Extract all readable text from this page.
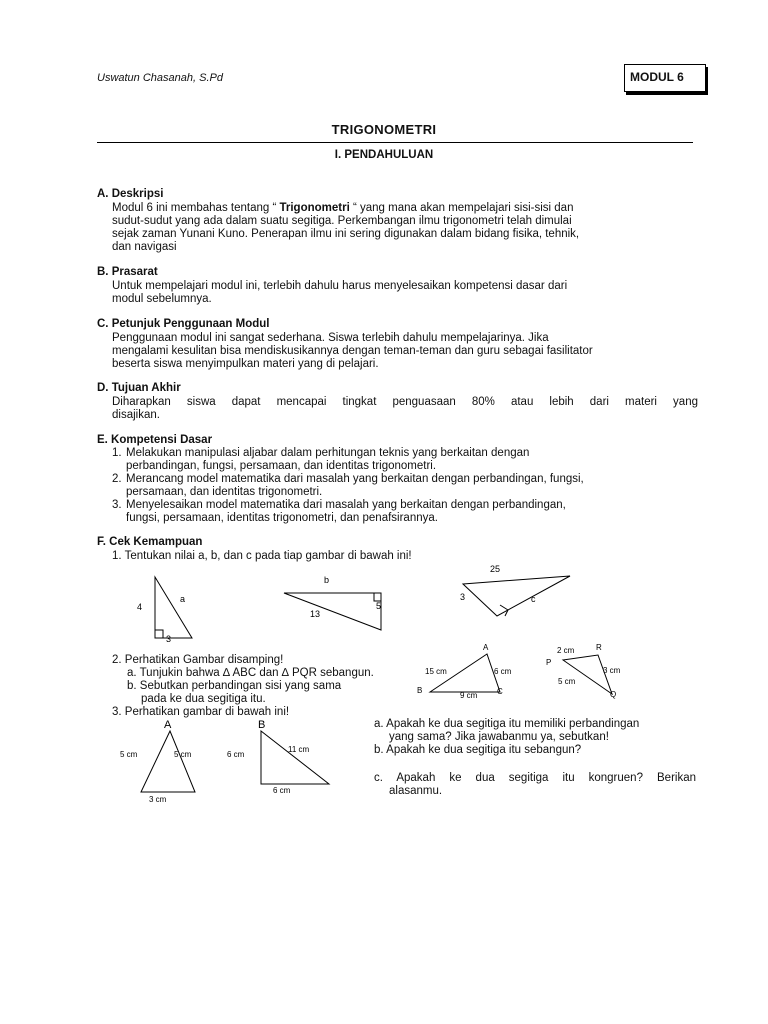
Uswatun Chasanah, S.Pd	MODUL 6
TRIGONOMETRI
I. PENDAHULUAN
A. Deskripsi
Modul 6 ini membahas tentang “ Trigonometri “ yang mana akan mempelajari sisi-sisi dan
sudut-sudut yang ada dalam suatu segitiga. Perkembangan ilmu trigonometri telah dimulai
sejak zaman Yunani Kuno. Penerapan ilmu ini sering digunakan dalam bidang fisika, tehnik,
dan navigasi
B. Prasarat
Untuk mempelajari modul ini, terlebih dahulu harus menyelesaikan kompetensi dasar dari
modul sebelumnya.
C. Petunjuk Penggunaan Modul
Penggunaan modul ini sangat sederhana. Siswa terlebih dahulu mempelajarinya. Jika
mengalami kesulitan bisa mendiskusikannya dengan teman-teman dan guru sebagai fasilitator
beserta siswa menyimpulkan materi yang di pelajari.
D. Tujuan Akhir
Diharapkan siswa dapat mencapai tingkat penguasaan 80% atau lebih dari materi yang
disajikan.
E. Kompetensi Dasar
1. Melakukan manipulasi aljabar dalam perhitungan teknis yang berkaitan dengan
perbandingan, fungsi, persamaan, dan identitas trigonometri.
2. Merancang model matematika dari masalah yang berkaitan dengan perbandingan, fungsi,
persamaan, dan identitas trigonometri.
3. Menyelesaikan model matematika dari masalah yang berkaitan dengan perbandingan,
fungsi, persamaan, identitas trigonometri, dan penafsirannya.
F. Cek Kemampuan
1. Tentukan nilai a, b, dan c pada tiap gambar di bawah ini!
a
4
3
b
13
5
25
3	c
A
B	C
15 cm	6 cm
9 cm
P
Q
R
2 cm
3 cm
5 cm
A
5 cm	5 cm
3 cm
B
6 cm
11 cm
6 cm
2. Perhatikan Gambar disamping!
a. Tunjukin bahwa ∆ ABC dan ∆ PQR sebangun.
b. Sebutkan perbandingan sisi yang sama
pada ke dua segitiga itu.
3. Perhatikan gambar di bawah ini!
a. Apakah ke dua segitiga itu memiliki perbandingan
yang sama? Jika jawabanmu ya, sebutkan!
b. Apakah ke dua segitiga itu sebangun?
c. Apakah ke dua segitiga itu kongruen? Berikan
alasanmu.
